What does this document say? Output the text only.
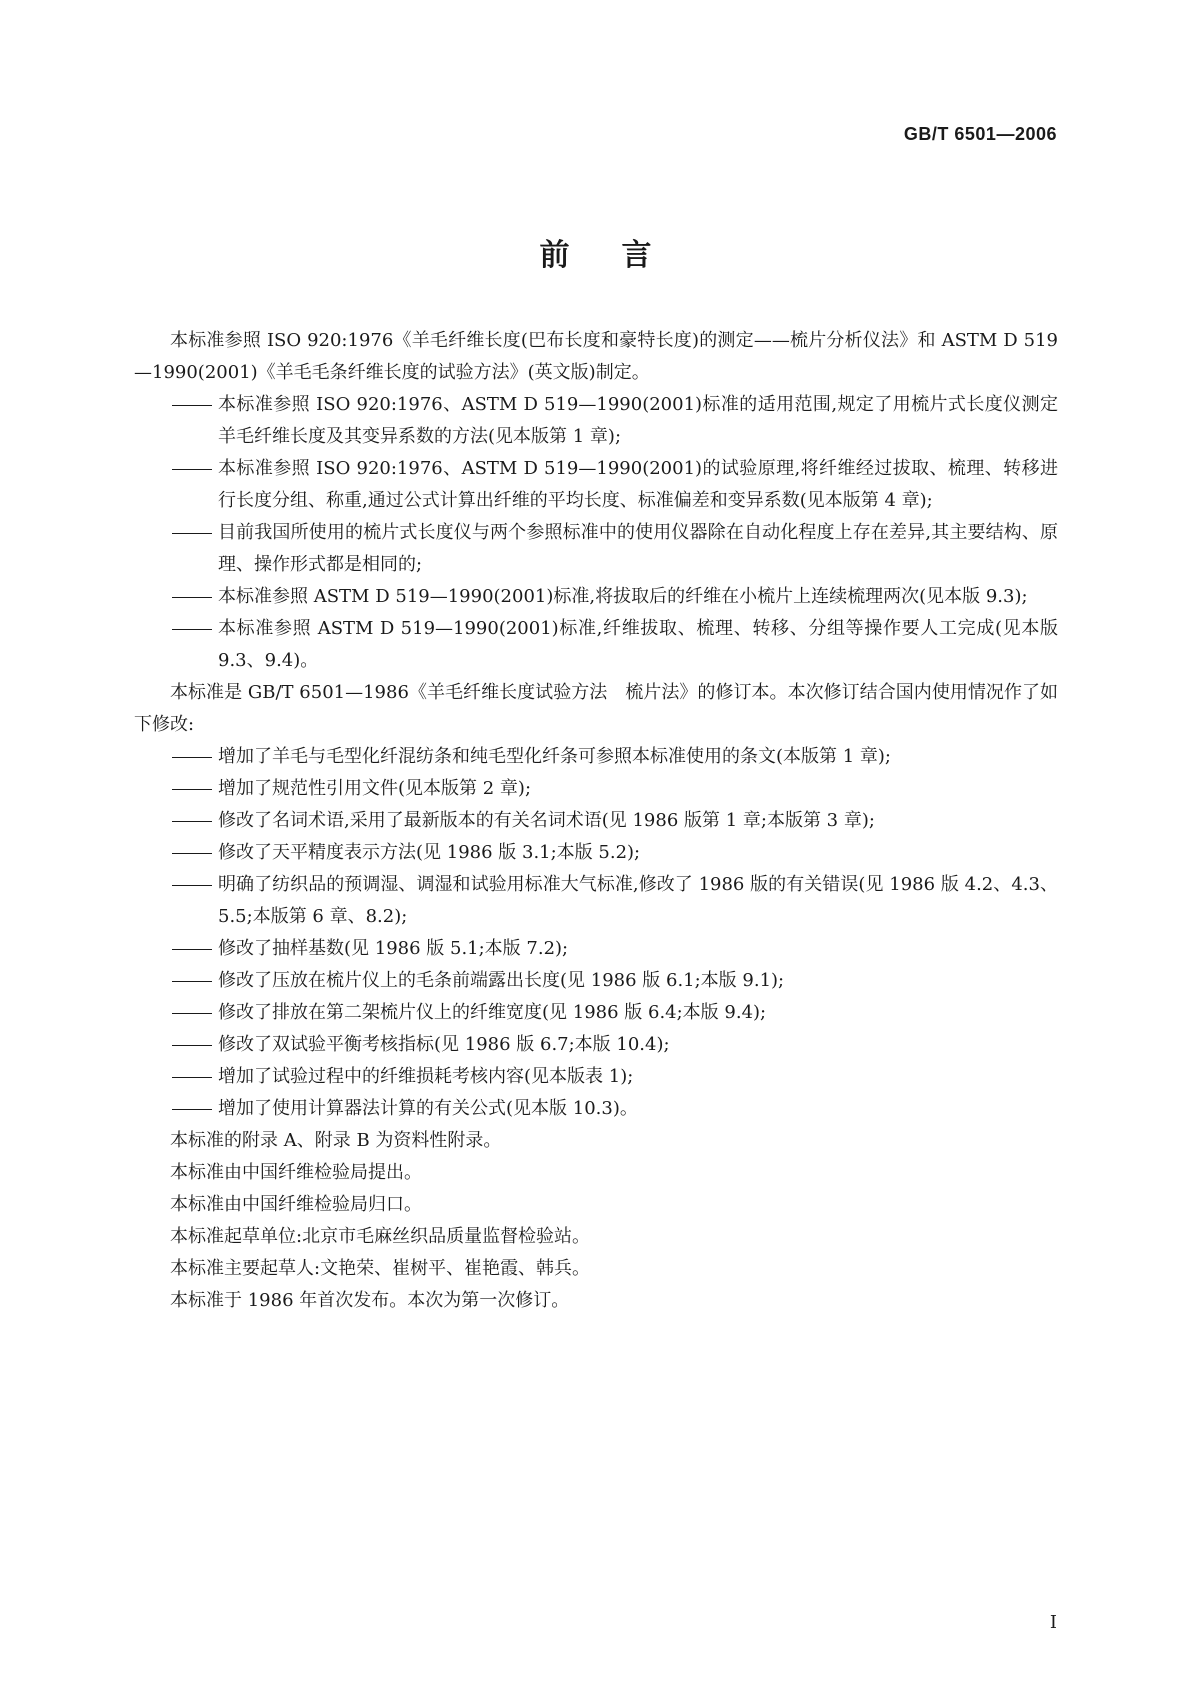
GB/T 6501—2006
前 言
本标准参照 ISO 920:1976《羊毛纤维长度(巴布长度和豪特长度)的测定——梳片分析仪法》和 ASTM D 519—1990(2001)《羊毛毛条纤维长度的试验方法》(英文版)制定。
本标准参照 ISO 920:1976、ASTM D 519—1990(2001)标准的适用范围,规定了用梳片式长度仪测定羊毛纤维长度及其变异系数的方法(见本版第 1 章);
本标准参照 ISO 920:1976、ASTM D 519—1990(2001)的试验原理,将纤维经过拔取、梳理、转移进行长度分组、称重,通过公式计算出纤维的平均长度、标准偏差和变异系数(见本版第 4 章);
目前我国所使用的梳片式长度仪与两个参照标准中的使用仪器除在自动化程度上存在差异,其主要结构、原理、操作形式都是相同的;
本标准参照 ASTM D 519—1990(2001)标准,将拔取后的纤维在小梳片上连续梳理两次(见本版 9.3);
本标准参照 ASTM D 519—1990(2001)标准,纤维拔取、梳理、转移、分组等操作要人工完成(见本版 9.3、9.4)。
本标准是 GB/T 6501—1986《羊毛纤维长度试验方法　梳片法》的修订本。本次修订结合国内使用情况作了如下修改:
增加了羊毛与毛型化纤混纺条和纯毛型化纤条可参照本标准使用的条文(本版第 1 章);
增加了规范性引用文件(见本版第 2 章);
修改了名词术语,采用了最新版本的有关名词术语(见 1986 版第 1 章;本版第 3 章);
修改了天平精度表示方法(见 1986 版 3.1;本版 5.2);
明确了纺织品的预调湿、调湿和试验用标准大气标准,修改了 1986 版的有关错误(见 1986 版 4.2、4.3、5.5;本版第 6 章、8.2);
修改了抽样基数(见 1986 版 5.1;本版 7.2);
修改了压放在梳片仪上的毛条前端露出长度(见 1986 版 6.1;本版 9.1);
修改了排放在第二架梳片仪上的纤维宽度(见 1986 版 6.4;本版 9.4);
修改了双试验平衡考核指标(见 1986 版 6.7;本版 10.4);
增加了试验过程中的纤维损耗考核内容(见本版表 1);
增加了使用计算器法计算的有关公式(见本版 10.3)。
本标准的附录 A、附录 B 为资料性附录。
本标准由中国纤维检验局提出。
本标准由中国纤维检验局归口。
本标准起草单位:北京市毛麻丝织品质量监督检验站。
本标准主要起草人:文艳荣、崔树平、崔艳霞、韩兵。
本标准于 1986 年首次发布。本次为第一次修订。
I
